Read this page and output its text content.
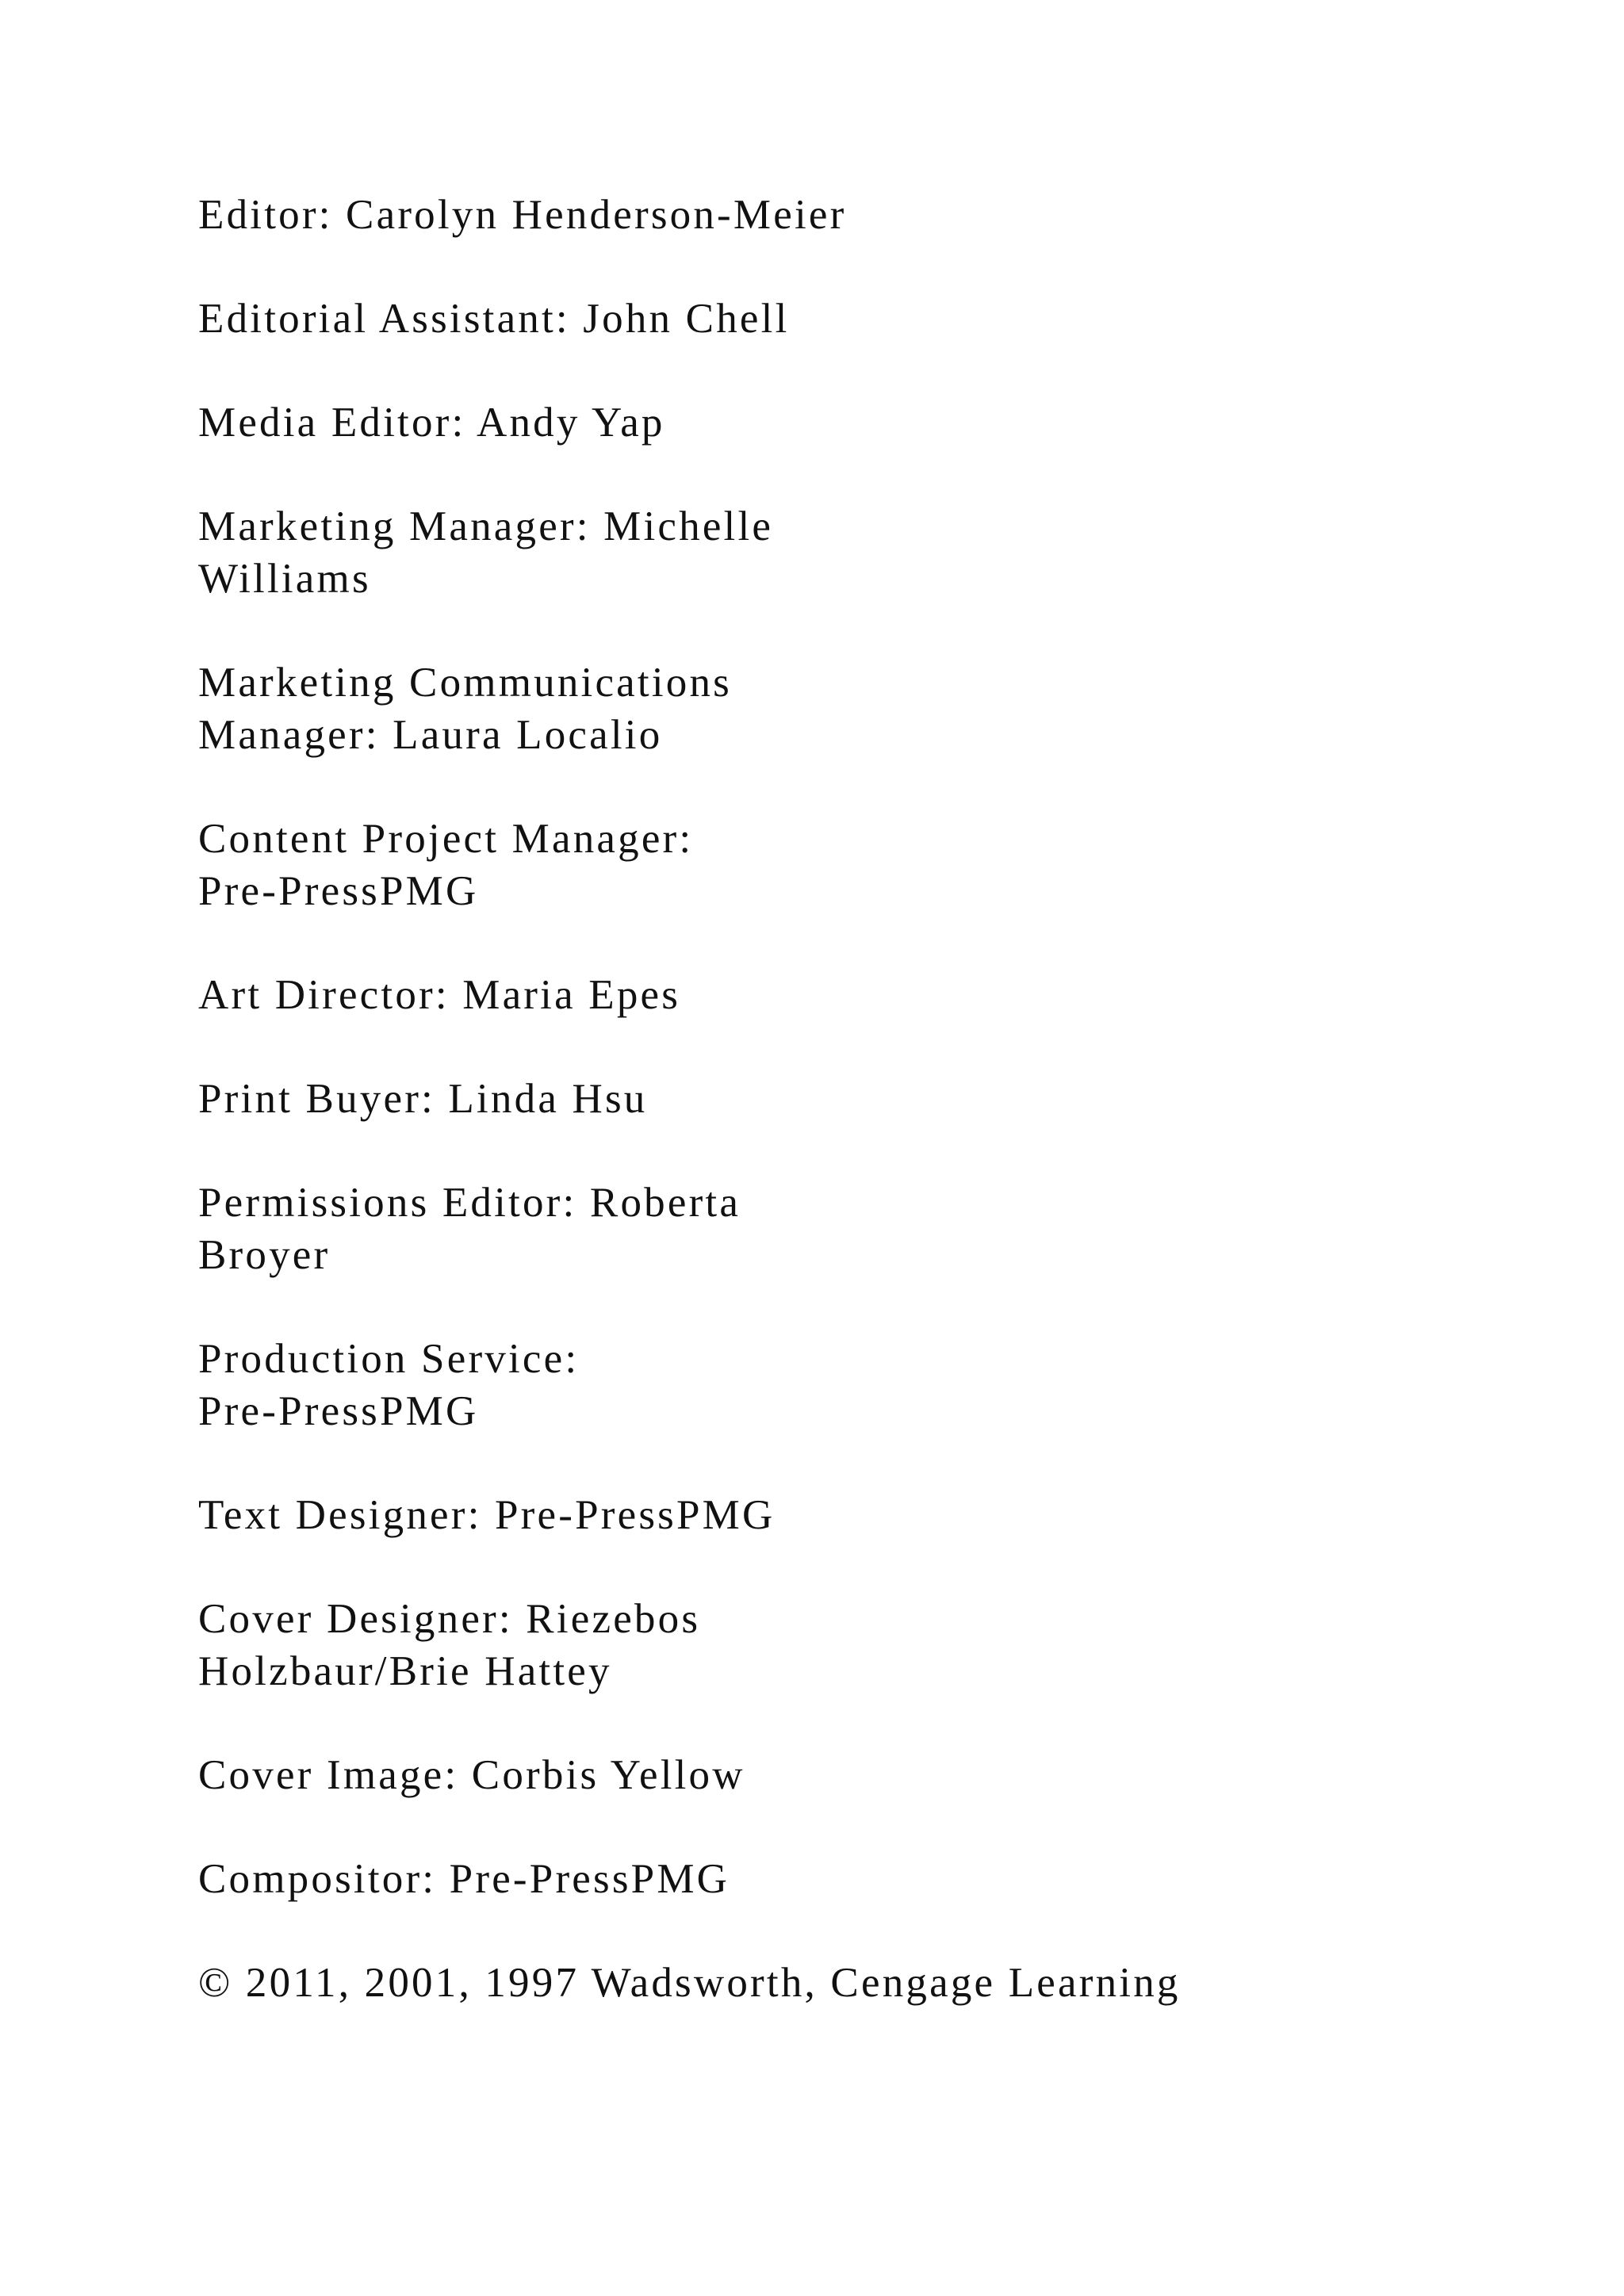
Editor: Carolyn Henderson-Meier

Editorial Assistant: John Chell

Media Editor: Andy Yap

Marketing Manager: Michelle
Williams

Marketing Communications
Manager: Laura Localio

Content Project Manager:
Pre-PressPMG

Art Director: Maria Epes

Print Buyer: Linda Hsu

Permissions Editor: Roberta
Broyer

Production Service:
Pre-PressPMG

Text Designer: Pre-PressPMG

Cover Designer: Riezebos
Holzbaur/Brie Hattey

Cover Image: Corbis Yellow

Compositor: Pre-PressPMG

© 2011, 2001, 1997 Wadsworth, Cengage Learning
